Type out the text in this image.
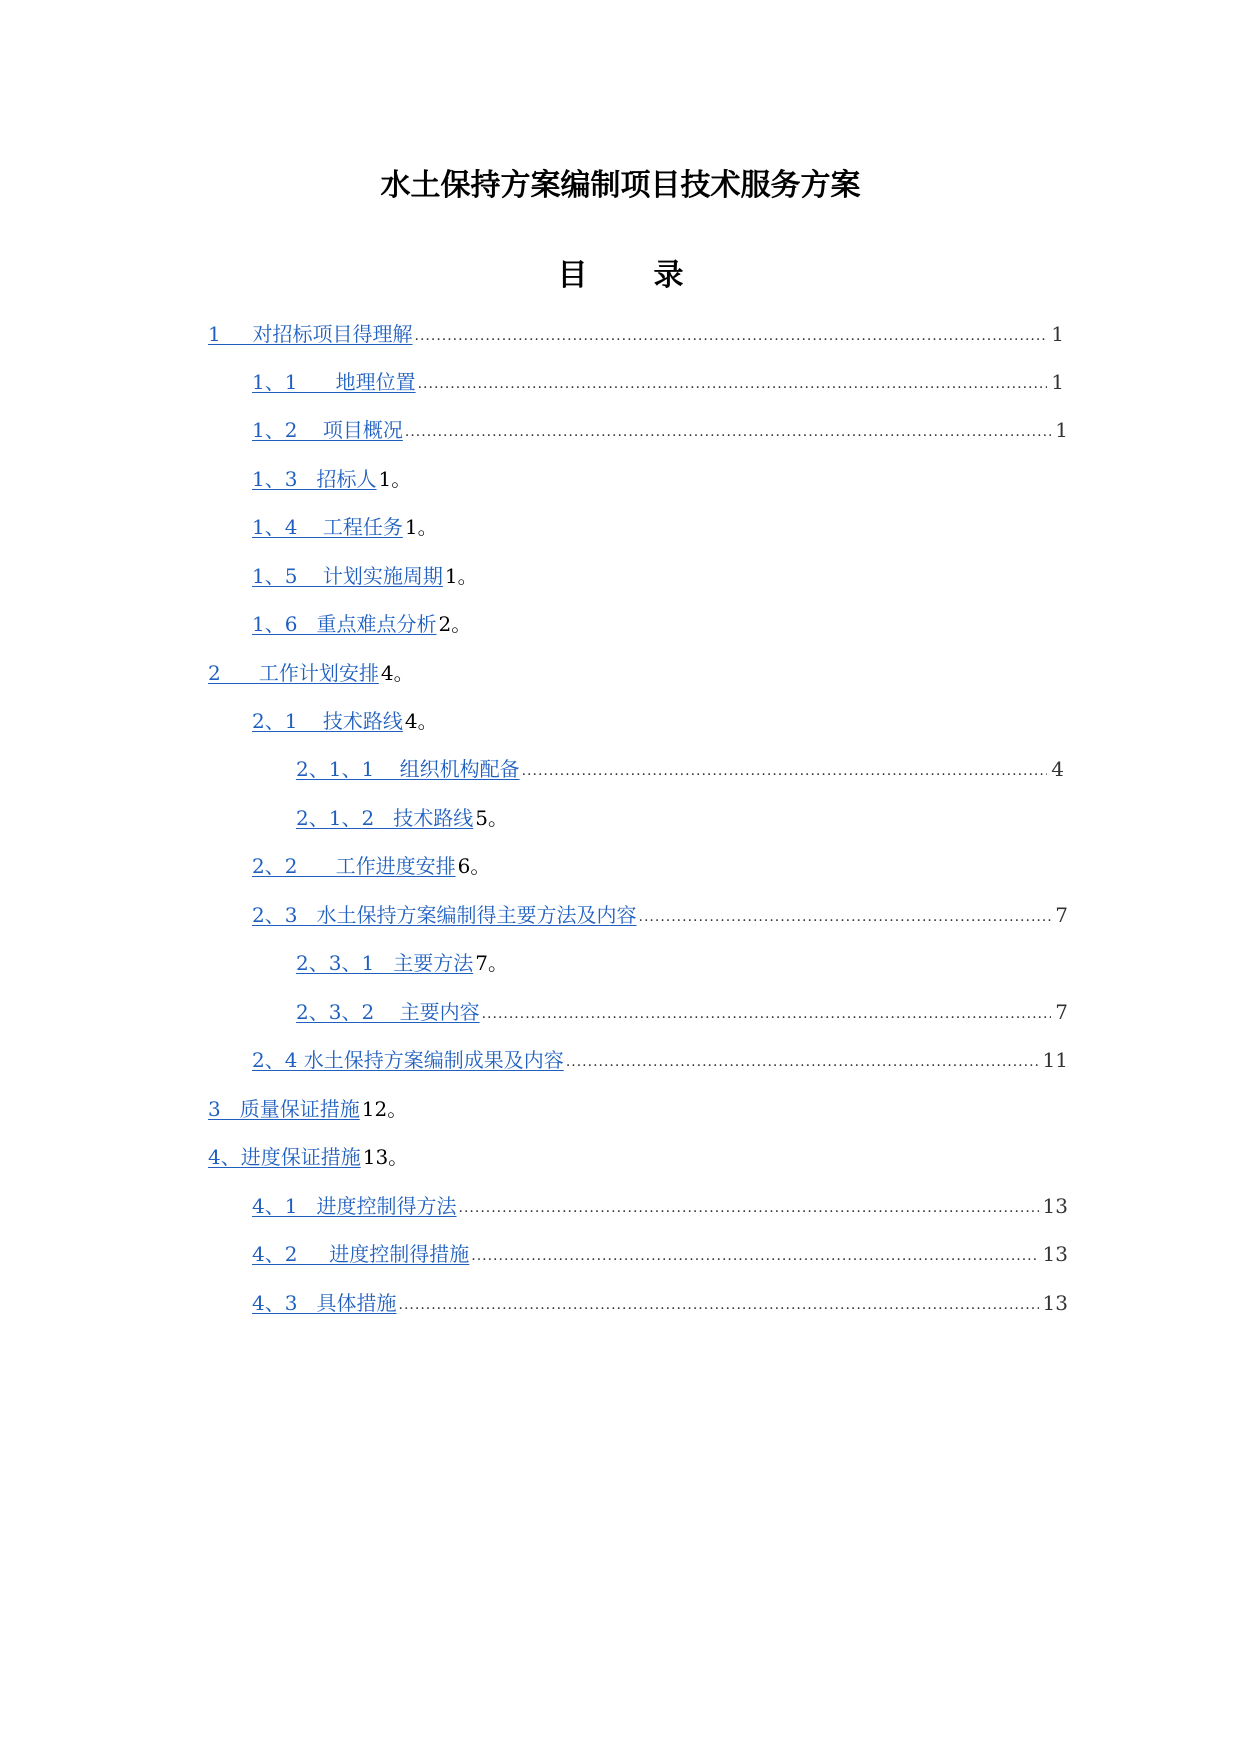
水土保持方案编制项目技术服务方案
目 录
1     对招标项目得理解 .....	1
1、1      地理位置 .....	1
1、2    项目概况 .....	1
1、3   招标人 1。
1、4    工程任务 1。
1、5    计划实施周期 1。
1、6   重点难点分析 2。
2      工作计划安排 4。
2、1    技术路线 4。
2、1、1    组织机构配备 .....	4
2、1、2   技术路线 5。
2、2      工作进度安排 6。
2、3   水土保持方案编制得主要方法及内容 .....	7
2、3、1   主要方法 7。
2、3、2    主要内容 .....	7
2、4 水土保持方案编制成果及内容 .....	11
3   质量保证措施 12。
4、进度保证措施 13。
4、1   进度控制得方法 .....	13
4、2     进度控制得措施 .....	13
4、3   具体措施 .....	13
